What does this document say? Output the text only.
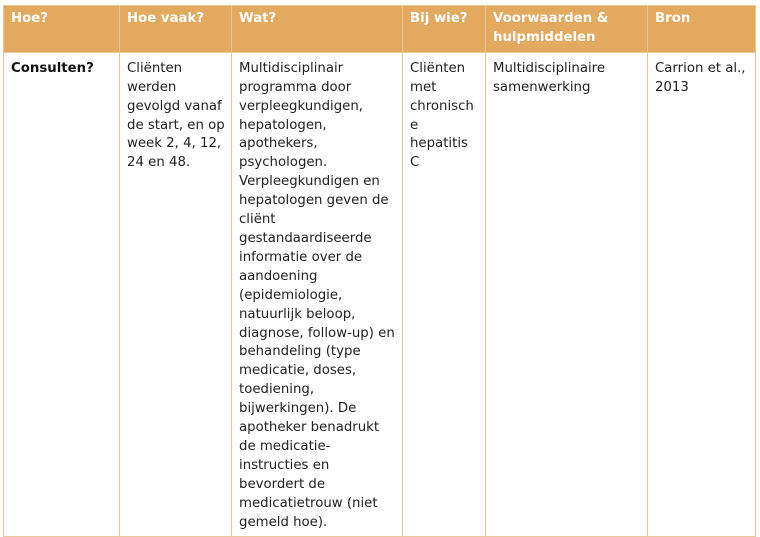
Hoe?	Hoe vaak?	Wat?	Bij wie?	Voorwaarden & hulpmiddelen	Bron
Consulten?	Cliënten werden gevolgd vanaf de start, en op week 2, 4, 12, 24 en 48.	Multidisciplinair programma door verpleegkundigen, hepatologen, apothekers, psychologen. Verpleegkundigen en hepatologen geven de cliënt gestandaardiseerde informatie over de aandoening (epidemiologie, natuurlijk beloop, diagnose, follow-up) en behandeling (type medicatie, doses, toediening, bijwerkingen). De apotheker benadrukt de medicatie-instructies en bevordert de medicatietrouw (niet gemeld hoe).	Cliënten met chronische hepatitis C	Multidisciplinaire samenwerking	Carrion et al., 2013
